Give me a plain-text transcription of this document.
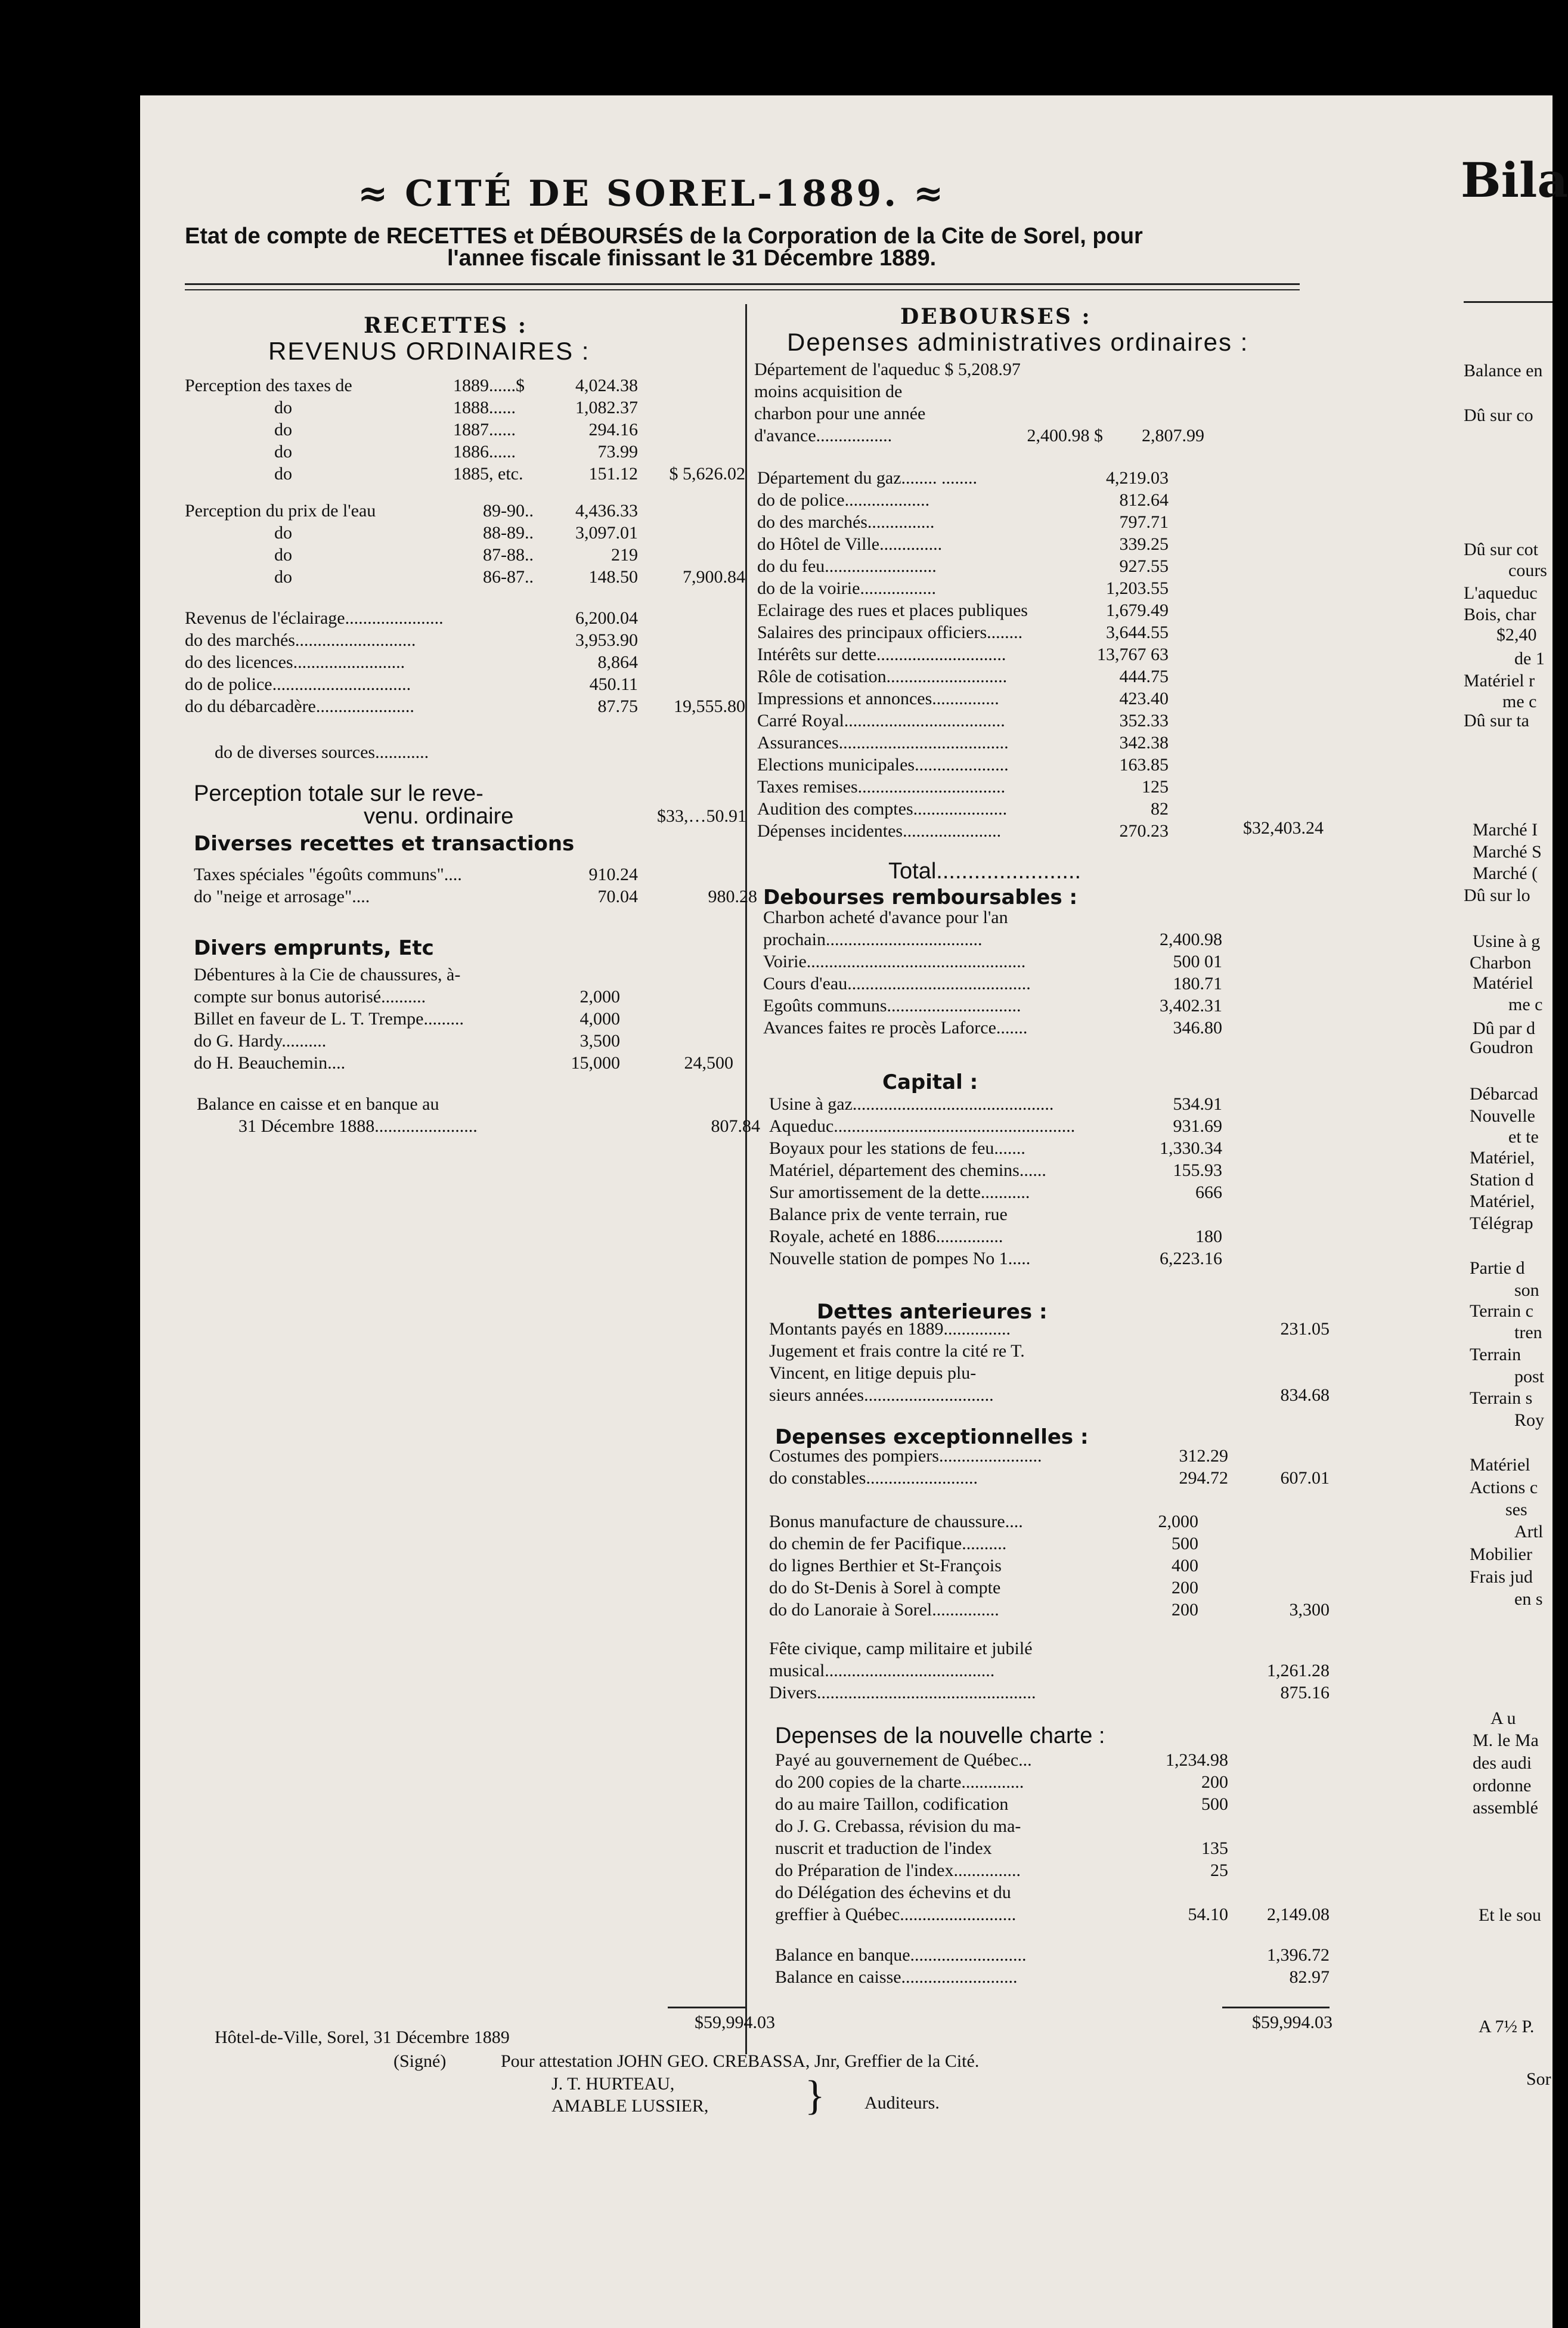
≈ CITÉ DE SOREL-1889. ≈
Etat de compte de RECETTES et DÉBOURSÉS de la Corporation de la Cite de Sorel, pour
l'annee fiscale finissant le 31 Décembre 1889.
RECETTES :
REVENUS ORDINAIRES :
Perception des taxes de	1889......$	4,024.38
do	1888......	1,082.37
do	1887......	294.16
do	1886......	73.99
do	1885, etc.	151.12	$ 5,626.02
Perception du prix de l'eau	89-90..	4,436.33
do	88-89..	3,097.01
do	87-88..	219
do	86-87..	148.50	7,900.84
Revenus de l'éclairage......................	6,200.04
do des marchés...........................	3,953.90
do des licences.........................	8,864
do de police...............................	450.11
do du débarcadère......................	87.75	19,555.80
do de diverses sources............
Perception totale sur le reve-
venu. ordinaire	$33,…50.91
Diverses recettes et transactions
Taxes spéciales "égoûts communs"....	910.24
do "neige et arrosage"....	70.04	980.28
Divers emprunts, Etc
Débentures à la Cie de chaussures, à-
compte sur bonus autorisé..........	2,000
Billet en faveur de L. T. Trempe.........	4,000
do G. Hardy..........	3,500
do H. Beauchemin....	15,000	24,500
Balance en caisse et en banque au
31 Décembre 1888.......................	807.84
$59,994.03
DEBOURSES :
Depenses administratives ordinaires :
Département de l'aqueduc $ 5,208.97
moins acquisition de
charbon pour une année
d'avance.................	2,400.98 $	2,807.99
Département du gaz........ ........	4,219.03
do de police...................	812.64
do des marchés...............	797.71
do Hôtel de Ville..............	339.25
do du feu.........................	927.55
do de la voirie.................	1,203.55
Eclairage des rues et places publiques	1,679.49
Salaires des principaux officiers........	3,644.55
Intérêts sur dette.............................	13,767 63
Rôle de cotisation...........................	444.75
Impressions et annonces...............	423.40
Carré Royal....................................	352.33
Assurances......................................	342.38
Elections municipales.....................	163.85
Taxes remises.................................	125
Audition des comptes.....................	82
Dépenses incidentes......................	270.23	$32,403.24
Total.......................
Debourses remboursables :
Charbon acheté d'avance pour l'an
prochain...................................	2,400.98
Voirie.................................................	500 01
Cours d'eau.........................................	180.71
Egoûts communs..............................	3,402.31
Avances faites re procès Laforce.......	346.80
Capital :
Usine à gaz.............................................	534.91
Aqueduc......................................................	931.69
Boyaux pour les stations de feu.......	1,330.34
Matériel, département des chemins......	155.93
Sur amortissement de la dette...........	666
Balance prix de vente terrain, rue
Royale, acheté en 1886...............	180
Nouvelle station de pompes No 1.....	6,223.16
Dettes anterieures :
Montants payés en 1889...............	231.05
Jugement et frais contre la cité re T.
Vincent, en litige depuis plu-
sieurs années.............................	834.68
Depenses exceptionnelles :
Costumes des pompiers.......................	312.29
do constables.........................	294.72	607.01
Bonus manufacture de chaussure....	2,000
do chemin de fer Pacifique..........	500
do lignes Berthier et St-François	400
do do St-Denis à Sorel à compte	200
do do Lanoraie à Sorel...............	200	3,300
Fête civique, camp militaire et jubilé
musical......................................	1,261.28
Divers.................................................	875.16
Depenses de la nouvelle charte :
Payé au gouvernement de Québec...	1,234.98
do 200 copies de la charte..............	200
do au maire Taillon, codification	500
do J. G. Crebassa, révision du ma-
nuscrit et traduction de l'index	135
do Préparation de l'index...............	25
do Délégation des échevins et du
greffier à Québec..........................	54.10	2,149.08
Balance en banque..........................	1,396.72
Balance en caisse..........................	82.97
$59,994.03
Hôtel-de-Ville, Sorel, 31 Décembre 1889
(Signé)	Pour attestation JOHN GEO. CREBASSA, Jnr, Greffier de la Cité.
J. T. HURTEAU,
AMABLE LUSSIER, } Auditeurs.
Bila
Balance en
Dû sur co
Dû sur cot
cours
L'aqueduc
Bois, char
$2,40
de 1
Matériel r
me c
Dû sur ta
Marché I
Marché S
Marché (
Dû sur lo
Usine à g
Charbon
Matériel
me c
Dû par d
Goudron
Débarcad
Nouvelle
et te
Matériel,
Station d
Matériel,
Télégrap
Partie d
son
Terrain c
tren
Terrain
post
Terrain s
Roy
Matériel
Actions c
ses
Artl
Mobilier
Frais jud
en s
A u
M. le Ma
des audi
ordonne
assemblé
Et le sou
A 7½ P.
Sor
